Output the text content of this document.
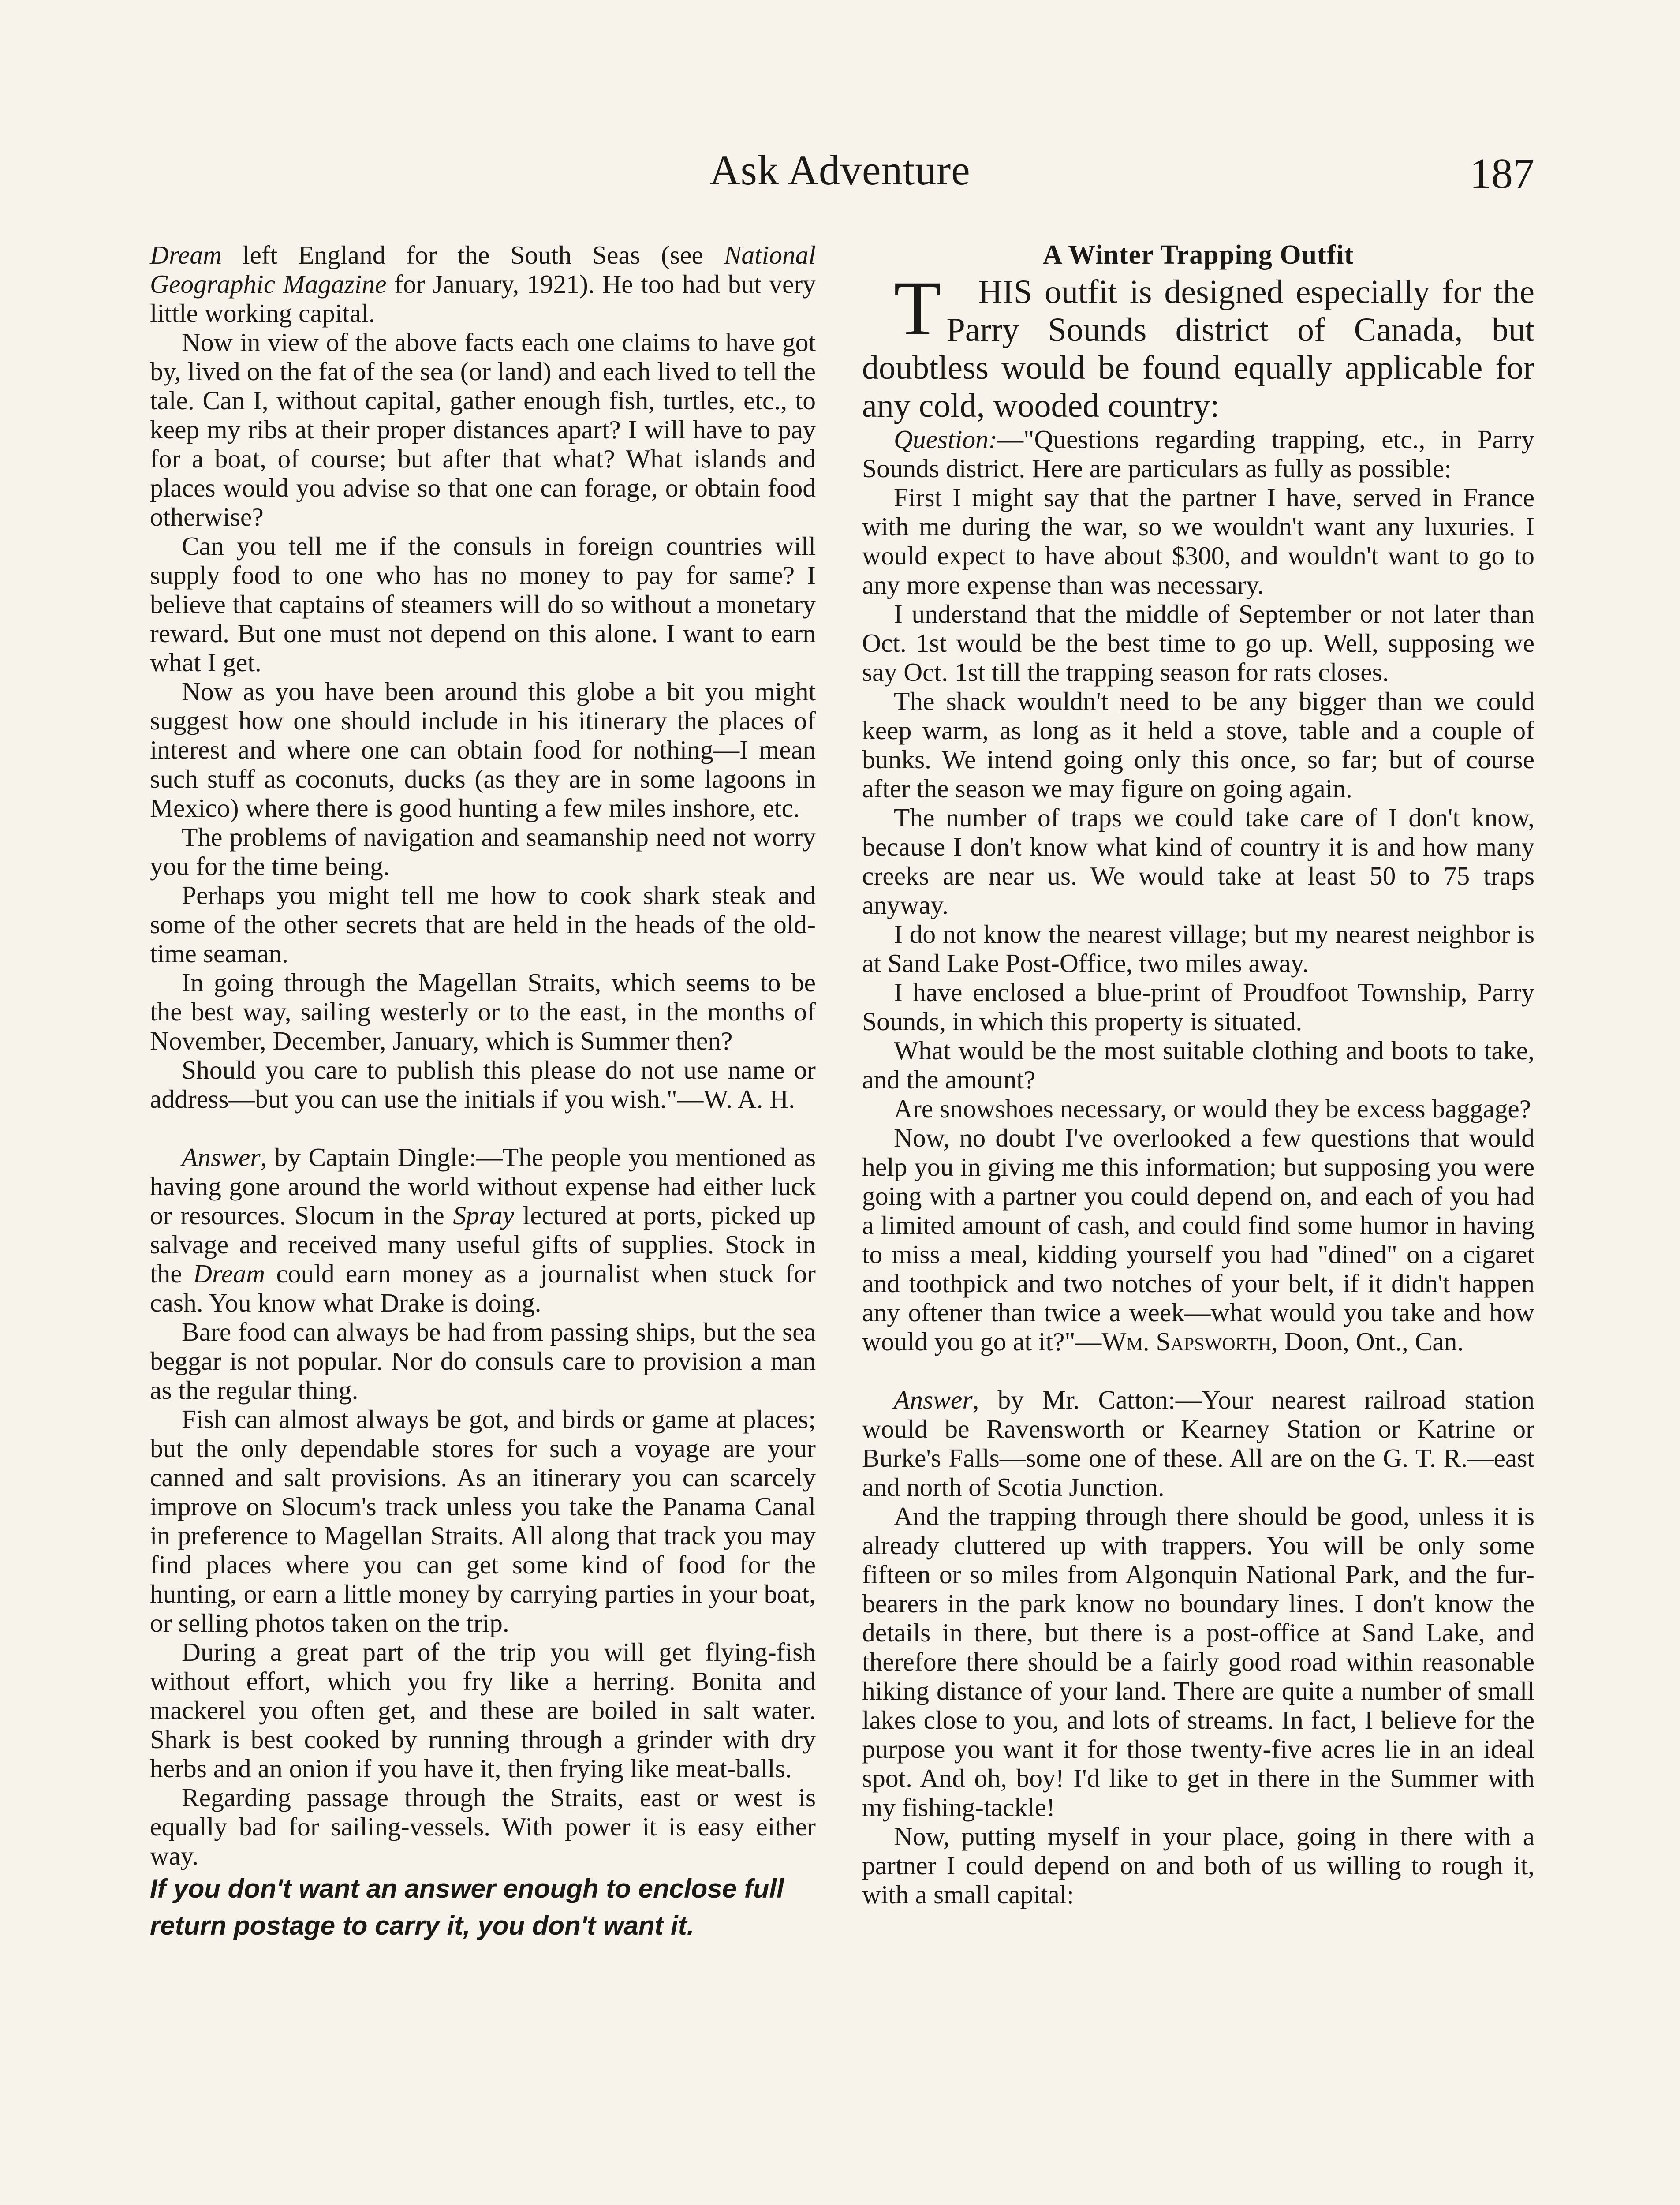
Ask Adventure	187

Dream left England for the South Seas (see National Geographic Magazine for January, 1921). He too had but very little working capital.

Now in view of the above facts each one claims to have got by, lived on the fat of the sea (or land) and each lived to tell the tale. Can I, without capital, gather enough fish, turtles, etc., to keep my ribs at their proper distances apart? I will have to pay for a boat, of course; but after that what? What islands and places would you advise so that one can forage, or obtain food otherwise?

Can you tell me if the consuls in foreign countries will supply food to one who has no money to pay for same? I believe that captains of steamers will do so without a monetary reward. But one must not depend on this alone. I want to earn what I get.

Now as you have been around this globe a bit you might suggest how one should include in his itinerary the places of interest and where one can obtain food for nothing—I mean such stuff as coconuts, ducks (as they are in some lagoons in Mexico) where there is good hunting a few miles inshore, etc.

The problems of navigation and seamanship need not worry you for the time being.

Perhaps you might tell me how to cook shark steak and some of the other secrets that are held in the heads of the old-time seaman.

In going through the Magellan Straits, which seems to be the best way, sailing westerly or to the east, in the months of November, December, January, which is Summer then?

Should you care to publish this please do not use name or address—but you can use the initials if you wish."—W. A. H.

Answer, by Captain Dingle:—The people you mentioned as having gone around the world without expense had either luck or resources. Slocum in the Spray lectured at ports, picked up salvage and received many useful gifts of supplies. Stock in the Dream could earn money as a journalist when stuck for cash. You know what Drake is doing.

Bare food can always be had from passing ships, but the sea beggar is not popular. Nor do consuls care to provision a man as the regular thing.

Fish can almost always be got, and birds or game at places; but the only dependable stores for such a voyage are your canned and salt provisions. As an itinerary you can scarcely improve on Slocum's track unless you take the Panama Canal in preference to Magellan Straits. All along that track you may find places where you can get some kind of food for the hunting, or earn a little money by carrying parties in your boat, or selling photos taken on the trip.

During a great part of the trip you will get flying-fish without effort, which you fry like a herring. Bonita and mackerel you often get, and these are boiled in salt water. Shark is best cooked by running through a grinder with dry herbs and an onion if you have it, then frying like meat-balls.

Regarding passage through the Straits, east or west is equally bad for sailing-vessels. With power it is easy either way.

If you don't want an answer enough to enclose full return postage to carry it, you don't want it.

A Winter Trapping Outfit

T HIS outfit is designed especially for the Parry Sounds district of Canada, but doubtless would be found equally applicable for any cold, wooded country:

Question:—"Questions regarding trapping, etc., in Parry Sounds district. Here are particulars as fully as possible:

First I might say that the partner I have, served in France with me during the war, so we wouldn't want any luxuries. I would expect to have about $300, and wouldn't want to go to any more expense than was necessary.

I understand that the middle of September or not later than Oct. 1st would be the best time to go up. Well, supposing we say Oct. 1st till the trapping season for rats closes.

The shack wouldn't need to be any bigger than we could keep warm, as long as it held a stove, table and a couple of bunks. We intend going only this once, so far; but of course after the season we may figure on going again.

The number of traps we could take care of I don't know, because I don't know what kind of country it is and how many creeks are near us. We would take at least 50 to 75 traps anyway.

I do not know the nearest village; but my nearest neighbor is at Sand Lake Post-Office, two miles away.

I have enclosed a blue-print of Proudfoot Township, Parry Sounds, in which this property is situated.

What would be the most suitable clothing and boots to take, and the amount?

Are snowshoes necessary, or would they be excess baggage?

Now, no doubt I've overlooked a few questions that would help you in giving me this information; but supposing you were going with a partner you could depend on, and each of you had a limited amount of cash, and could find some humor in having to miss a meal, kidding yourself you had "dined" on a cigaret and toothpick and two notches of your belt, if it didn't happen any oftener than twice a week—what would you take and how would you go at it?"—Wm. Sapsworth, Doon, Ont., Can.

Answer, by Mr. Catton:—Your nearest railroad station would be Ravensworth or Kearney Station or Katrine or Burke's Falls—some one of these. All are on the G. T. R.—east and north of Scotia Junction.

And the trapping through there should be good, unless it is already cluttered up with trappers. You will be only some fifteen or so miles from Algonquin National Park, and the fur-bearers in the park know no boundary lines. I don't know the details in there, but there is a post-office at Sand Lake, and therefore there should be a fairly good road within reasonable hiking distance of your land. There are quite a number of small lakes close to you, and lots of streams. In fact, I believe for the purpose you want it for those twenty-five acres lie in an ideal spot. And oh, boy! I'd like to get in there in the Summer with my fishing-tackle!

Now, putting myself in your place, going in there with a partner I could depend on and both of us willing to rough it, with a small capital:
